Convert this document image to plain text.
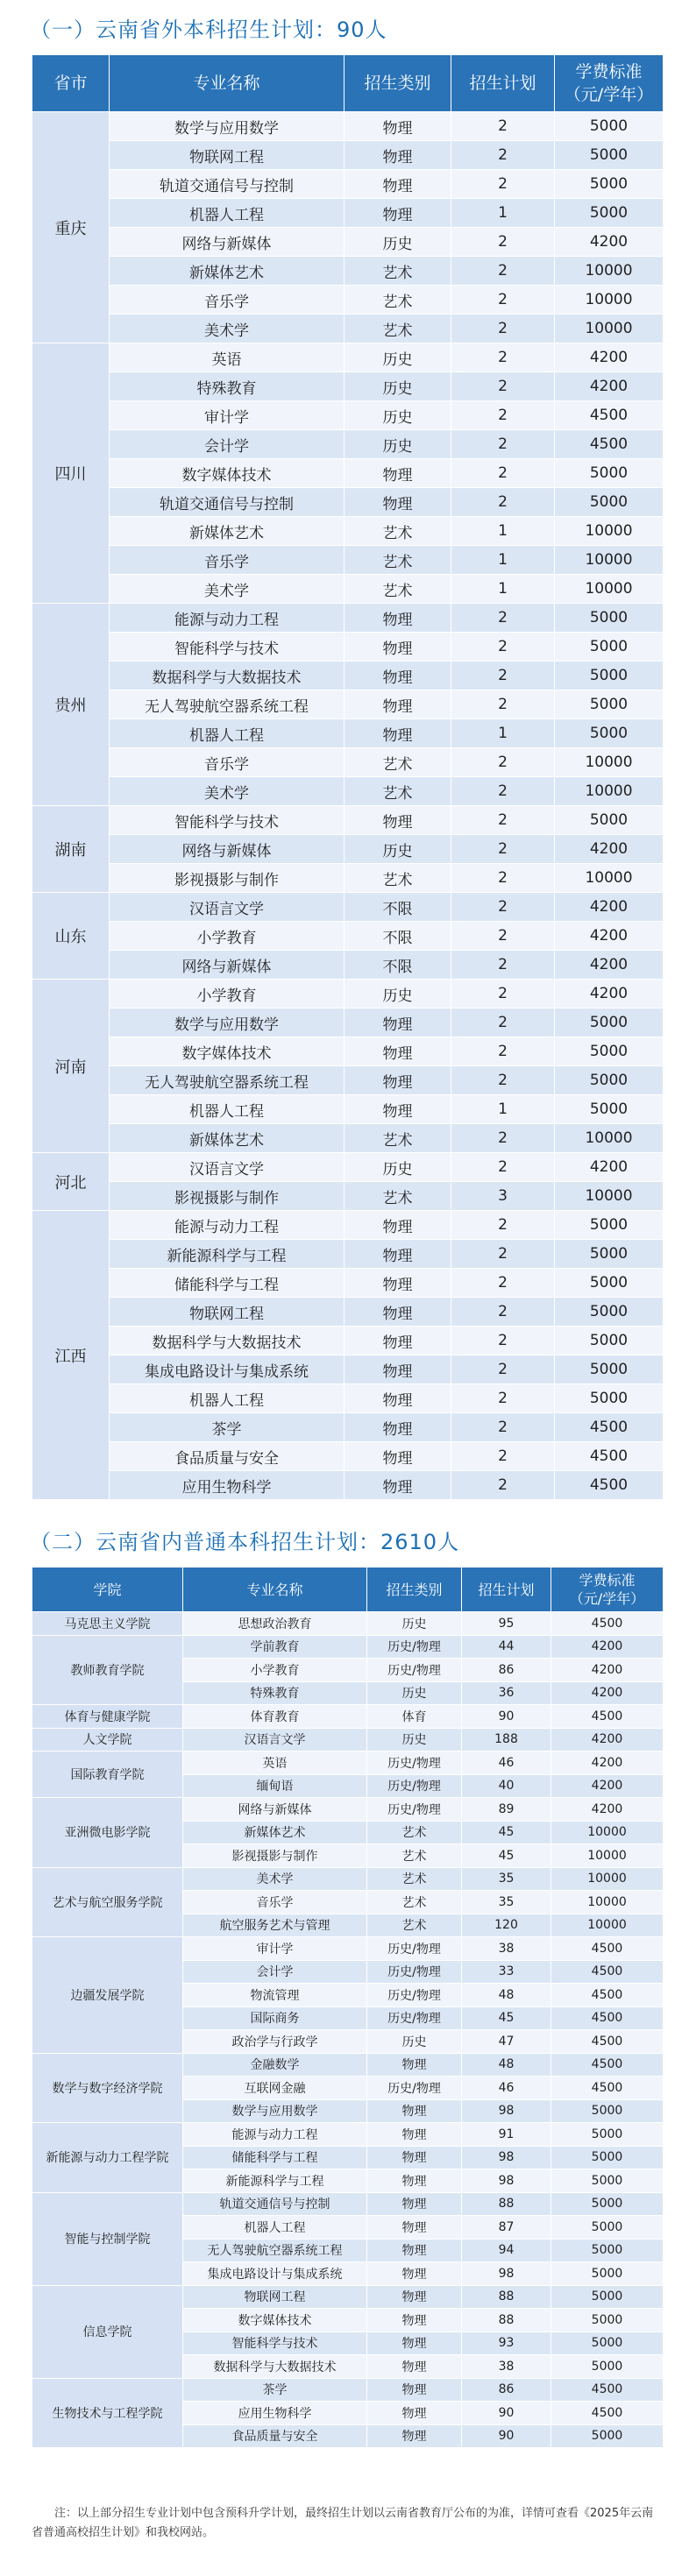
（一）云南省外本科招生计划：90人
省市	专业名称	招生类别	招生计划	学费标准
（元/学年）
重庆	数学与应用数学	物理	2	5000
	物联网工程	物理	2	5000
	轨道交通信号与控制	物理	2	5000
	机器人工程	物理	1	5000
	网络与新媒体	历史	2	4200
	新媒体艺术	艺术	2	10000
	音乐学	艺术	2	10000
	美术学	艺术	2	10000
四川	英语	历史	2	4200
	特殊教育	历史	2	4200
	审计学	历史	2	4500
	会计学	历史	2	4500
	数字媒体技术	物理	2	5000
	轨道交通信号与控制	物理	2	5000
	新媒体艺术	艺术	1	10000
	音乐学	艺术	1	10000
	美术学	艺术	1	10000
贵州	能源与动力工程	物理	2	5000
	智能科学与技术	物理	2	5000
	数据科学与大数据技术	物理	2	5000
	无人驾驶航空器系统工程	物理	2	5000
	机器人工程	物理	1	5000
	音乐学	艺术	2	10000
	美术学	艺术	2	10000
湖南	智能科学与技术	物理	2	5000
	网络与新媒体	历史	2	4200
	影视摄影与制作	艺术	2	10000
山东	汉语言文学	不限	2	4200
	小学教育	不限	2	4200
	网络与新媒体	不限	2	4200
河南	小学教育	历史	2	4200
	数学与应用数学	物理	2	5000
	数字媒体技术	物理	2	5000
	无人驾驶航空器系统工程	物理	2	5000
	机器人工程	物理	1	5000
	新媒体艺术	艺术	2	10000
河北	汉语言文学	历史	2	4200
	影视摄影与制作	艺术	3	10000
江西	能源与动力工程	物理	2	5000
	新能源科学与工程	物理	2	5000
	储能科学与工程	物理	2	5000
	物联网工程	物理	2	5000
	数据科学与大数据技术	物理	2	5000
	集成电路设计与集成系统	物理	2	5000
	机器人工程	物理	2	5000
	茶学	物理	2	4500
	食品质量与安全	物理	2	4500
	应用生物科学	物理	2	4500
（二）云南省内普通本科招生计划：2610人
学院	专业名称	招生类别	招生计划	学费标准
（元/学年）
马克思主义学院	思想政治教育	历史	95	4500
教师教育学院	学前教育	历史/物理	44	4200
	小学教育	历史/物理	86	4200
	特殊教育	历史	36	4200
体育与健康学院	体育教育	体育	90	4500
人文学院	汉语言文学	历史	188	4200
国际教育学院	英语	历史/物理	46	4200
	缅甸语	历史/物理	40	4200
亚洲微电影学院	网络与新媒体	历史/物理	89	4200
	新媒体艺术	艺术	45	10000
	影视摄影与制作	艺术	45	10000
艺术与航空服务学院	美术学	艺术	35	10000
	音乐学	艺术	35	10000
	航空服务艺术与管理	艺术	120	10000
边疆发展学院	审计学	历史/物理	38	4500
	会计学	历史/物理	33	4500
	物流管理	历史/物理	48	4500
	国际商务	历史/物理	45	4500
	政治学与行政学	历史	47	4500
数学与数字经济学院	金融数学	物理	48	4500
	互联网金融	历史/物理	46	4500
	数学与应用数学	物理	98	5000
新能源与动力工程学院	能源与动力工程	物理	91	5000
	储能科学与工程	物理	98	5000
	新能源科学与工程	物理	98	5000
智能与控制学院	轨道交通信号与控制	物理	88	5000
	机器人工程	物理	87	5000
	无人驾驶航空器系统工程	物理	94	5000
	集成电路设计与集成系统	物理	98	5000
信息学院	物联网工程	物理	88	5000
	数字媒体技术	物理	88	5000
	智能科学与技术	物理	93	5000
	数据科学与大数据技术	物理	38	5000
生物技术与工程学院	茶学	物理	86	4500
	应用生物科学	物理	90	4500
	食品质量与安全	物理	90	5000
注：以上部分招生专业计划中包含预科升学计划，最终招生计划以云南省教育厅公布的为准，详情可查看《2025年云南省普通高校招生计划》和我校网站。
